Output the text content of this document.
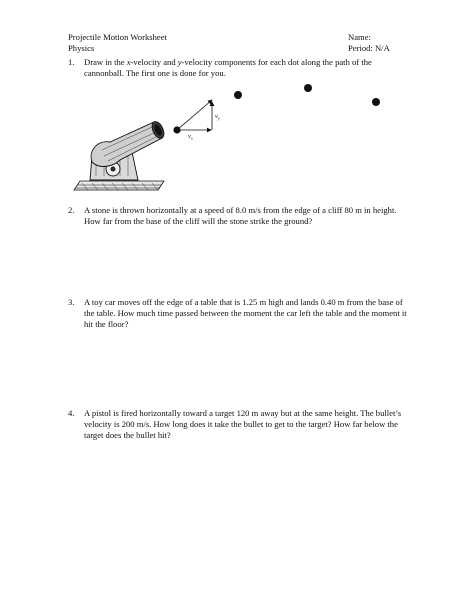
Projectile Motion Worksheet
Physics
Name:
Period: N/A
1. Draw in the x-velocity and y-velocity components for each dot along the path of the cannonball. The first one is done for you.
$v_y$
$v_x$
2. A stone is thrown horizontally at a speed of 8.0 m/s from the edge of a cliff 80 m in height. How far from the base of the cliff will the stone strike the ground?
3. A toy car moves off the edge of a table that is 1.25 m high and lands 0.40 m from the base of the table. How much time passed between the moment the car left the table and the moment it hit the floor?
4. A pistol is fired horizontally toward a target 120 m away but at the same height. The bullet’s velocity is 200 m/s. How long does it take the bullet to get to the target? How far below the target does the bullet hit?
